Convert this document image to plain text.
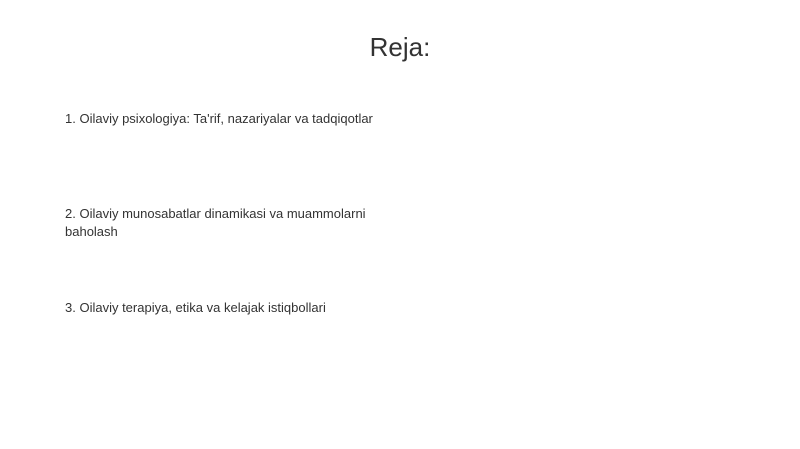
Reja:

1. Oilaviy psixologiya: Ta'rif, nazariyalar va tadqiqotlar

2. Oilaviy munosabatlar dinamikasi va muammolarni baholash

3. Oilaviy terapiya, etika va kelajak istiqbollari
